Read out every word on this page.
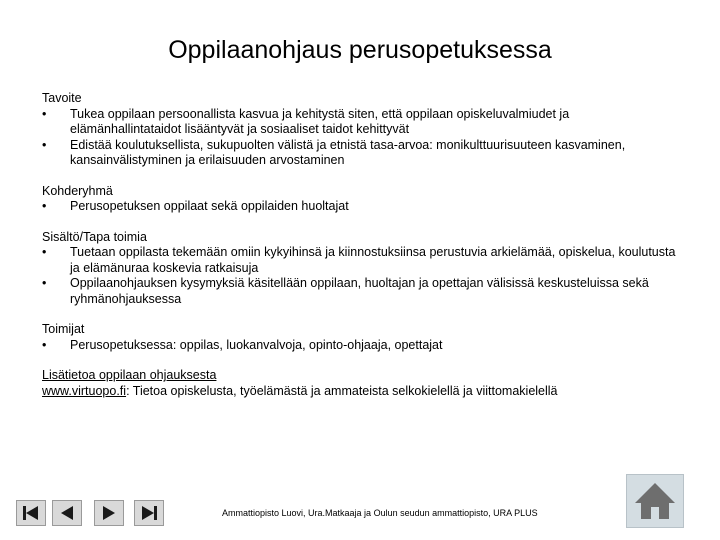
Oppilaanohjaus perusopetuksessa
Tavoite
• Tukea oppilaan persoonallista kasvua ja kehitystä siten, että oppilaan opiskeluvalmiudet ja elämänhallintataidot lisääntyvät ja sosiaaliset taidot kehittyvät
• Edistää koulutuksellista, sukupuolten välistä ja etnistä tasa-arvoa: monikulttuurisuuteen kasvaminen, kansainvälistyminen ja erilaisuuden arvostaminen
Kohderyhmä
• Perusopetuksen oppilaat sekä oppilaiden huoltajat
Sisältö/Tapa toimia
• Tuetaan oppilasta tekemään omiin kykyihinsä ja kiinnostuksiinsa perustuvia arkielämää, opiskelua, koulutusta ja elämänuraa koskevia ratkaisuja
• Oppilaanohjauksen kysymyksiä käsitellään oppilaan, huoltajan ja opettajan välisissä keskusteluissa sekä ryhmänohjauksessa
Toimijat
• Perusopetuksessa: oppilas, luokanvalvoja, opinto-ohjaaja, opettajat
Lisätietoa oppilaan ohjauksesta
www.virtuopo.fi: Tietoa opiskelusta, työelämästä ja ammateista selkokielellä ja viittomakielellä
Ammattiopisto Luovi, Ura.Matkaaja ja Oulun seudun ammattiopisto, URA PLUS
